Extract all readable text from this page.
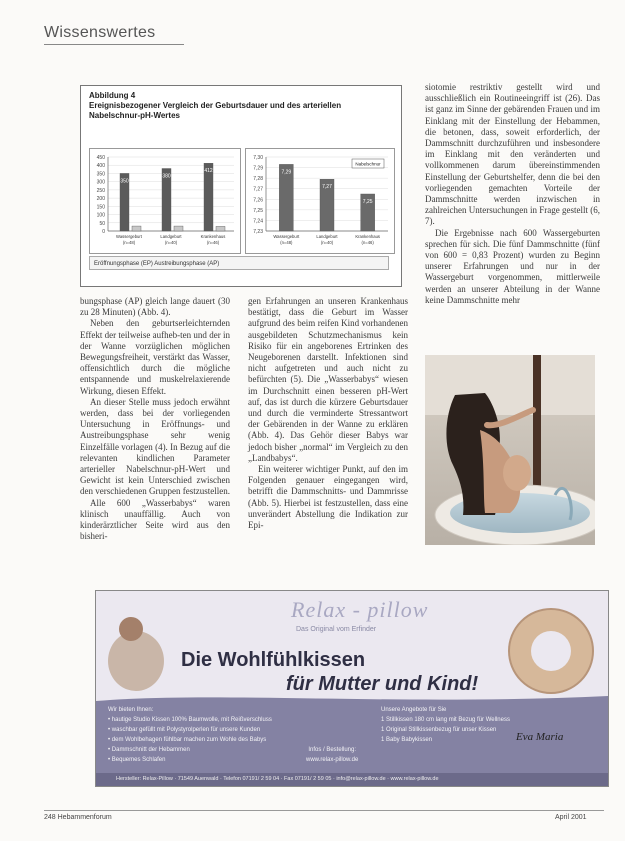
Wissenswertes
Abbildung 4
Ereignisbezogener Vergleich der Geburtsdauer und des arteriellen Nabelschnur-pH-Wertes
450
400
350
300
250
200
150
100
50
0
350
Wassergeburt
(n=48)
380
Landgeburt
(n=40)
412
Krankenhaus
(n=46)
7,30
7,29
7,28
7,27
7,26
7,25
7,24
7,23
7,29
Wassergeburt
(n=48)
7,27
Landgeburt
(n=40)
7,25
Krankenhaus
(n=46)
Nabelschnur
Eröffnungsphase (EP) Austreibungsphase (AP)

bungsphase (AP) gleich lange dauert (30 zu 28 Minuten) (Abb. 4).

Neben den geburtserleichternden Effekt der teilweise aufheb-ten und der in der Wanne vorzüglichen möglichen Bewegungsfreiheit, verstärkt das Wasser, offensichtlich durch die mögliche entspannende und muskelrelaxierende Wirkung, diesen Effekt.

An dieser Stelle muss jedoch erwähnt werden, dass bei der vorliegenden Untersuchung in Eröffnungs- und Austreibungsphase sehr wenig Einzelfälle vorlagen (4). In Bezug auf die relevanten kindlichen Parameter arterieller Nabelschnur-pH-Wert und Gewicht ist kein Unterschied zwischen den verschiedenen Gruppen festzustellen.

Alle 600 „Wasserbabys“ waren klinisch unauffällig. Auch von kinderärztlicher Seite wird aus den bisheri-

gen Erfahrungen an unseren Krankenhaus bestätigt, dass die Geburt im Wasser aufgrund des beim reifen Kind vorhandenen ausgebildeten Schutzmechanismus kein Risiko für ein angeborenes Ertrinken des Neugeborenen darstellt. Infektionen sind nicht aufgetreten und auch nicht zu befürchten (5). Die „Wasserbabys“ wiesen im Durchschnitt einen besseren pH-Wert auf, das ist durch die kürzere Geburtsdauer und durch die verminderte Stressantwort der Gebärenden in der Wanne zu erklären (Abb. 4). Das Gehör dieser Babys war jedoch bisher „normal“ im Vergleich zu den „Landbabys“.

Ein weiterer wichtiger Punkt, auf den im Folgenden genauer eingegangen wird, betrifft die Dammschnitts- und Dammrisse (Abb. 5). Hierbei ist festzustellen, dass eine unverändert Abstellung die Indikation zur Epi-

siotomie restriktiv gestellt wird und ausschließlich ein Routineeingriff ist (26). Das ist ganz im Sinne der gebärenden Frauen und im Einklang mit der Einstellung der Hebammen, die betonen, dass, soweit erforderlich, der Dammschnitt durchzuführen und insbesondere im Einklang mit den veränderten und vollkommenen darum übereinstimmenden Einstellung der Geburtshelfer, denn die bei den vorliegenden gemachten Vorteile der Dammschnitte werden inzwischen in zahlreichen Untersuchungen in Frage gestellt (6, 7).

Die Ergebnisse nach 600 Wassergeburten sprechen für sich. Die fünf Dammschnitte (fünf von 600 = 0,83 Prozent) wurden zu Beginn unserer Erfahrungen und nur in der Wassergeburt vorgenommen, mittlerweile werden an unserer Abteilung in der Wanne keine Dammschnitte mehr

Relax - pillow
Das Original vom Erfinder
Die Wohlfühlkissen
für Mutter und Kind!
Wir bieten Ihnen:
• hautige Studio Kissen 100% Baumwolle, mit Reißverschluss
• waschbar gefüllt mit Polystyrolperlen für unsere Kunden
• dem Wohlbehagen fühlbar machen zum Wohle des Babys
• Dammschnitt der Hebammen
• Bequemes Schlafen
Unsere Angebote für Sie
1 Stillkissen 180 cm lang mit Bezug für Wellness
1 Original Stillkissenbezug für unser Kissen
1 Baby Babykissen
Infos / Bestellung:
www.relax-pillow.de
Eva Maria
Hersteller: Relax-Pillow · 71549 Auenwald · Telefon 07191/ 2 59 04 · Fax 07191/ 2 59 05 · info@relax-pillow.de · www.relax-pillow.de
248 Hebammenforum	April 2001
